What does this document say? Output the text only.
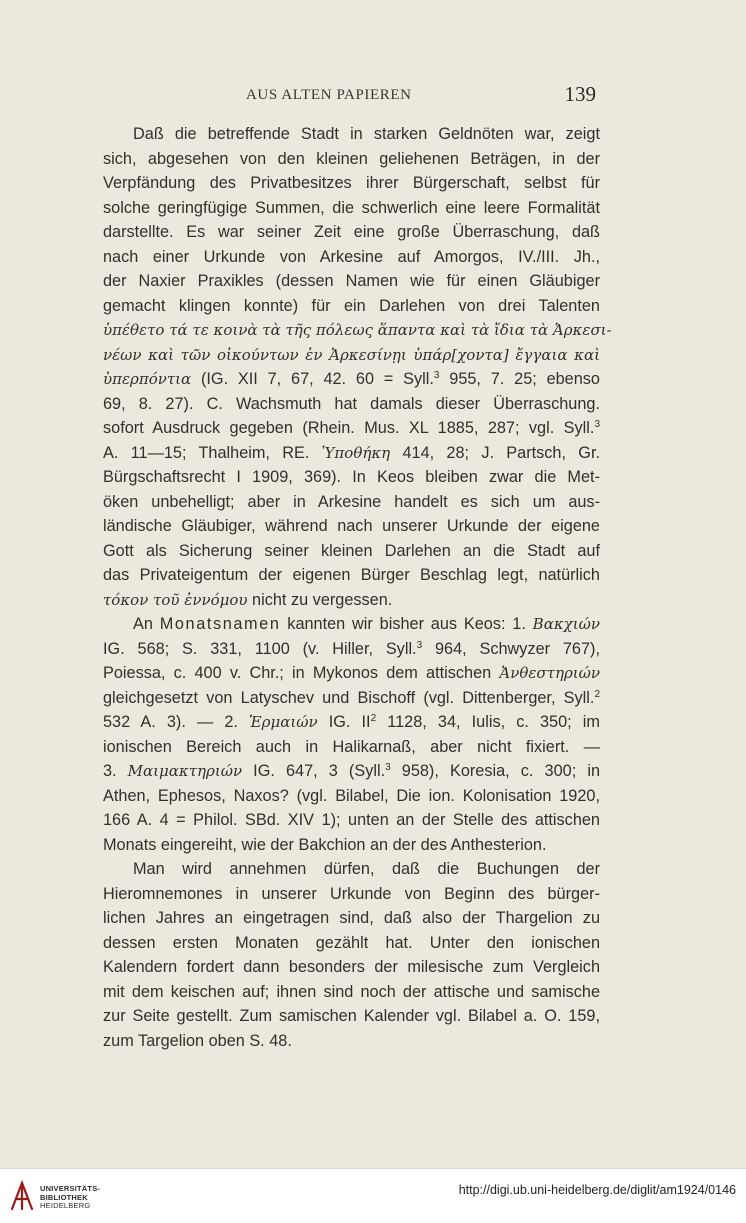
AUS ALTEN PAPIEREN	139

Daß die betreffende Stadt in starken Geldnöten war, zeigt
sich, abgesehen von den kleinen geliehenen Beträgen, in der
Verpfändung des Privatbesitzes ihrer Bürgerschaft, selbst für
solche geringfügige Summen, die schwerlich eine leere Formalität
darstellte. Es war seiner Zeit eine große Überraschung, daß
nach einer Urkunde von Arkesine auf Amorgos, IV./III. Jh.,
der Naxier Praxikles (dessen Namen wie für einen Gläubiger
gemacht klingen konnte) für ein Darlehen von drei Talenten
ὑπέθετο τά τε κοινὰ τὰ τῆς πόλεως ἅπαντα καὶ τὰ ἴδια τὰ Ἀρκεσι-
νέων καὶ τῶν οἰκούντων ἐν Ἀρκεσίνῃι ὑπάρ[χοντα] ἔγγαια καὶ
ὑπερπόντια (IG. XII 7, 67, 42. 60 = Syll.$^3$ 955, 7. 25; ebenso
69, 8. 27). C. Wachsmuth hat damals dieser Überraschung.
sofort Ausdruck gegeben (Rhein. Mus. XL 1885, 287; vgl. Syll.$^3$
A. 11—15; Thalheim, RE. Ὑποθήκη 414, 28; J. Partsch, Gr.
Bürgschaftsrecht I 1909, 369). In Keos bleiben zwar die Met-
öken unbehelligt; aber in Arkesine handelt es sich um aus-
ländische Gläubiger, während nach unserer Urkunde der eigene
Gott als Sicherung seiner kleinen Darlehen an die Stadt auf
das Privateigentum der eigenen Bürger Beschlag legt, natürlich
τόκον τοῦ ἐννόμου nicht zu vergessen.

An Monatsnamen kannten wir bisher aus Keos: 1. Βακχιών
IG. 568; S. 331, 1100 (v. Hiller, Syll.$^3$ 964, Schwyzer 767),
Poiessa, c. 400 v. Chr.; in Mykonos dem attischen Ἀνθεστηριών
gleichgesetzt von Latyschev und Bischoff (vgl. Dittenberger, Syll.$^2$
532 A. 3). — 2. Ἑρμαιών IG. $II^2$ 1128, 34, Iulis, c. 350; im
ionischen Bereich auch in Halikarnaß, aber nicht fixiert. —
3. Μαιμακτηριών IG. 647, 3 (Syll.$^3$ 958), Koresia, c. 300; in
Athen, Ephesos, Naxos? (vgl. Bilabel, Die ion. Kolonisation 1920,
166 A. 4 = Philol. SBd. XIV 1); unten an der Stelle des attischen
Monats eingereiht, wie der Bakchion an der des Anthesterion.

Man wird annehmen dürfen, daß die Buchungen der
Hieromnemones in unserer Urkunde von Beginn des bürger-
lichen Jahres an eingetragen sind, daß also der Thargelion zu
dessen ersten Monaten gezählt hat. Unter den ionischen
Kalendern fordert dann besonders der milesische zum Vergleich
mit dem keischen auf; ihnen sind noch der attische und samische
zur Seite gestellt. Zum samischen Kalender vgl. Bilabel a. O. 159,
zum Targelion oben S. 48.

UNIVERSITÄTS-
BIBLIOTHEK
HEIDELBERG
http://digi.ub.uni-heidelberg.de/diglit/am1924/0146
